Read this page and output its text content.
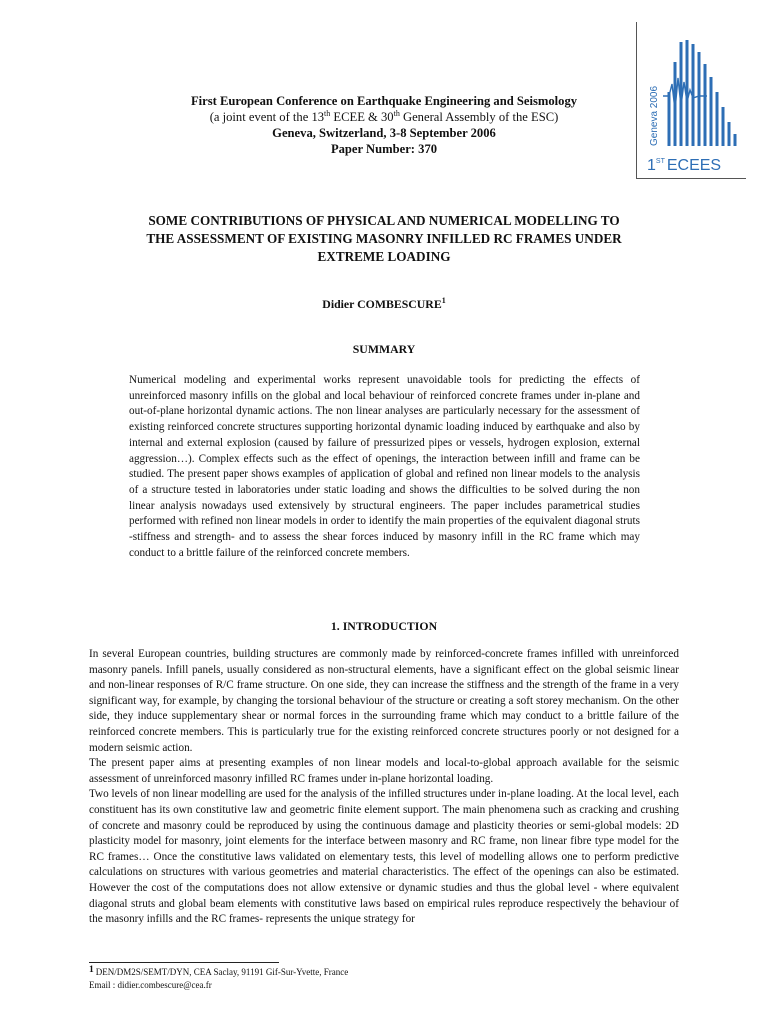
First European Conference on Earthquake Engineering and Seismology
(a joint event of the 13th ECEE & 30th General Assembly of the ESC)
Geneva, Switzerland, 3-8 September 2006
Paper Number: 370
Geneva 2006
1ST ECEES
SOME CONTRIBUTIONS OF PHYSICAL AND NUMERICAL MODELLING TO
THE ASSESSMENT OF EXISTING MASONRY INFILLED RC FRAMES UNDER
EXTREME LOADING
Didier COMBESCURE$^1$
SUMMARY

Numerical modeling and experimental works represent unavoidable tools for predicting the effects of unreinforced masonry infills on the global and local behaviour of reinforced concrete frames under in-plane and out-of-plane horizontal dynamic actions. The non linear analyses are particularly necessary for the assessment of existing reinforced concrete structures supporting horizontal dynamic loading induced by earthquake and also by internal and external explosion (caused by failure of pressurized pipes or vessels, hydrogen explosion, external aggression…). Complex effects such as the effect of openings, the interaction between infill and frame can be studied. The present paper shows examples of application of global and refined non linear models to the analysis of a structure tested in laboratories under static loading and shows the difficulties to be solved during the non linear analysis nowadays used extensively by structural engineers. The paper includes parametrical studies performed with refined non linear models in order to identify the main properties of the equivalent diagonal struts -stiffness and strength- and to assess the shear forces induced by masonry infill in the RC frame which may conduct to a brittle failure of the reinforced concrete members.

1. INTRODUCTION

In several European countries, building structures are commonly made by reinforced-concrete frames infilled with unreinforced masonry panels. Infill panels, usually considered as non-structural elements, have a significant effect on the global seismic linear and non-linear responses of R/C frame structure. On one side, they can increase the stiffness and the strength of the frame in a very significant way, for example, by changing the torsional behaviour of the structure or creating a soft storey mechanism. On the other side, they induce supplementary shear or normal forces in the surrounding frame which may conduct to a brittle failure of the reinforced concrete members. This is particularly true for the existing reinforced concrete structures poorly or not designed for a modern seismic action.

The present paper aims at presenting examples of non linear models and local-to-global approach available for the seismic assessment of unreinforced masonry infilled RC frames under in-plane horizontal loading.

Two levels of non linear modelling are used for the analysis of the infilled structures under in-plane loading. At the local level, each constituent has its own constitutive law and geometric finite element support. The main phenomena such as cracking and crushing of concrete and masonry could be reproduced by using the continuous damage and plasticity theories or semi-global models: 2D plasticity model for masonry, joint elements for the interface between masonry and RC frame, non linear fibre type model for the RC frames… Once the constitutive laws validated on elementary tests, this level of modelling allows one to perform predictive calculations on structures with various geometries and material characteristics. The effect of the openings can also be estimated. However the cost of the computations does not allow extensive or dynamic studies and thus the global level - where equivalent diagonal struts and global beam elements with constitutive laws based on empirical rules reproduce respectively the behaviour of the masonry infills and the RC frames- represents the unique strategy for

1 DEN/DM2S/SEMT/DYN, CEA Saclay, 91191 Gif-Sur-Yvette, France
Email : didier.combescure@cea.fr
